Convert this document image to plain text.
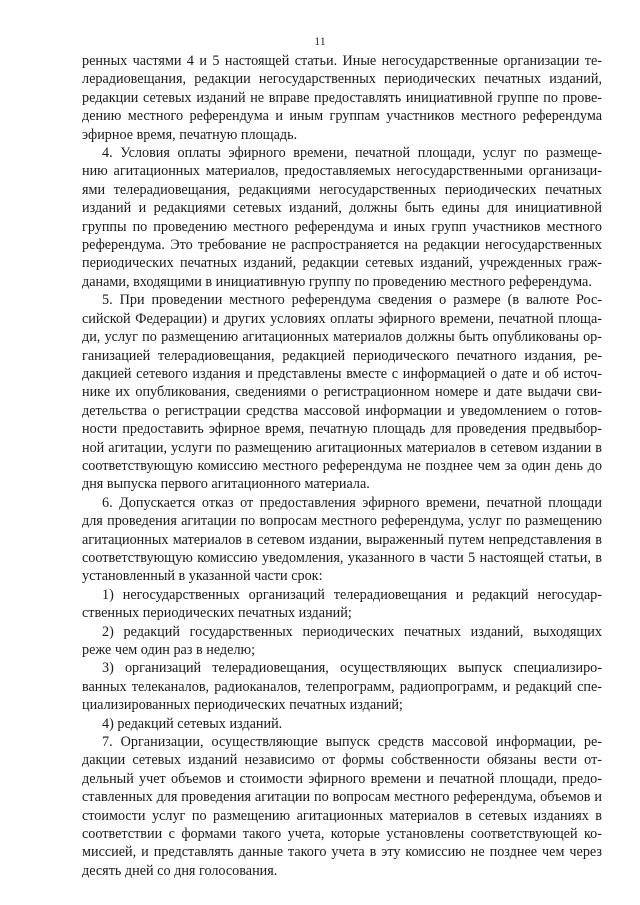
11
ренных частями 4 и 5 настоящей статьи. Иные негосударственные организации те-
лерадиовещания, редакции негосударственных периодических печатных изданий,
редакции сетевых изданий не вправе предоставлять инициативной группе по прове-
дению местного референдума и иным группам участников местного референдума
эфирное время, печатную площадь.
4. Условия оплаты эфирного времени, печатной площади, услуг по размеще-
нию агитационных материалов, предоставляемых негосударственными организаци-
ями телерадиовещания, редакциями негосударственных периодических печатных
изданий и редакциями сетевых изданий, должны быть едины для инициативной
группы по проведению местного референдума и иных групп участников местного
референдума. Это требование не распространяется на редакции негосударственных
периодических печатных изданий, редакции сетевых изданий, учрежденных граж-
данами, входящими в инициативную группу по проведению местного референдума.
5. При проведении местного референдума сведения о размере (в валюте Рос-
сийской Федерации) и других условиях оплаты эфирного времени, печатной площа-
ди, услуг по размещению агитационных материалов должны быть опубликованы ор-
ганизацией телерадиовещания, редакцией периодического печатного издания, ре-
дакцией сетевого издания и представлены вместе с информацией о дате и об источ-
нике их опубликования, сведениями о регистрационном номере и дате выдачи сви-
детельства о регистрации средства массовой информации и уведомлением о готов-
ности предоставить эфирное время, печатную площадь для проведения предвыбор-
ной агитации, услуги по размещению агитационных материалов в сетевом издании в
соответствующую комиссию местного референдума не позднее чем за один день до
дня выпуска первого агитационного материала.
6. Допускается отказ от предоставления эфирного времени, печатной площади
для проведения агитации по вопросам местного референдума, услуг по размещению
агитационных материалов в сетевом издании, выраженный путем непредставления в
соответствующую комиссию уведомления, указанного в части 5 настоящей статьи, в
установленный в указанной части срок:
1) негосударственных организаций телерадиовещания и редакций негосудар-
ственных периодических печатных изданий;
2) редакций государственных периодических печатных изданий, выходящих
реже чем один раз в неделю;
3) организаций телерадиовещания, осуществляющих выпуск специализиро-
ванных телеканалов, радиоканалов, телепрограмм, радиопрограмм, и редакций спе-
циализированных периодических печатных изданий;
4) редакций сетевых изданий.
7. Организации, осуществляющие выпуск средств массовой информации, ре-
дакции сетевых изданий независимо от формы собственности обязаны вести от-
дельный учет объемов и стоимости эфирного времени и печатной площади, предо-
ставленных для проведения агитации по вопросам местного референдума, объемов и
стоимости услуг по размещению агитационных материалов в сетевых изданиях в
соответствии с формами такого учета, которые установлены соответствующей ко-
миссией, и представлять данные такого учета в эту комиссию не позднее чем через
десять дней со дня голосования.
